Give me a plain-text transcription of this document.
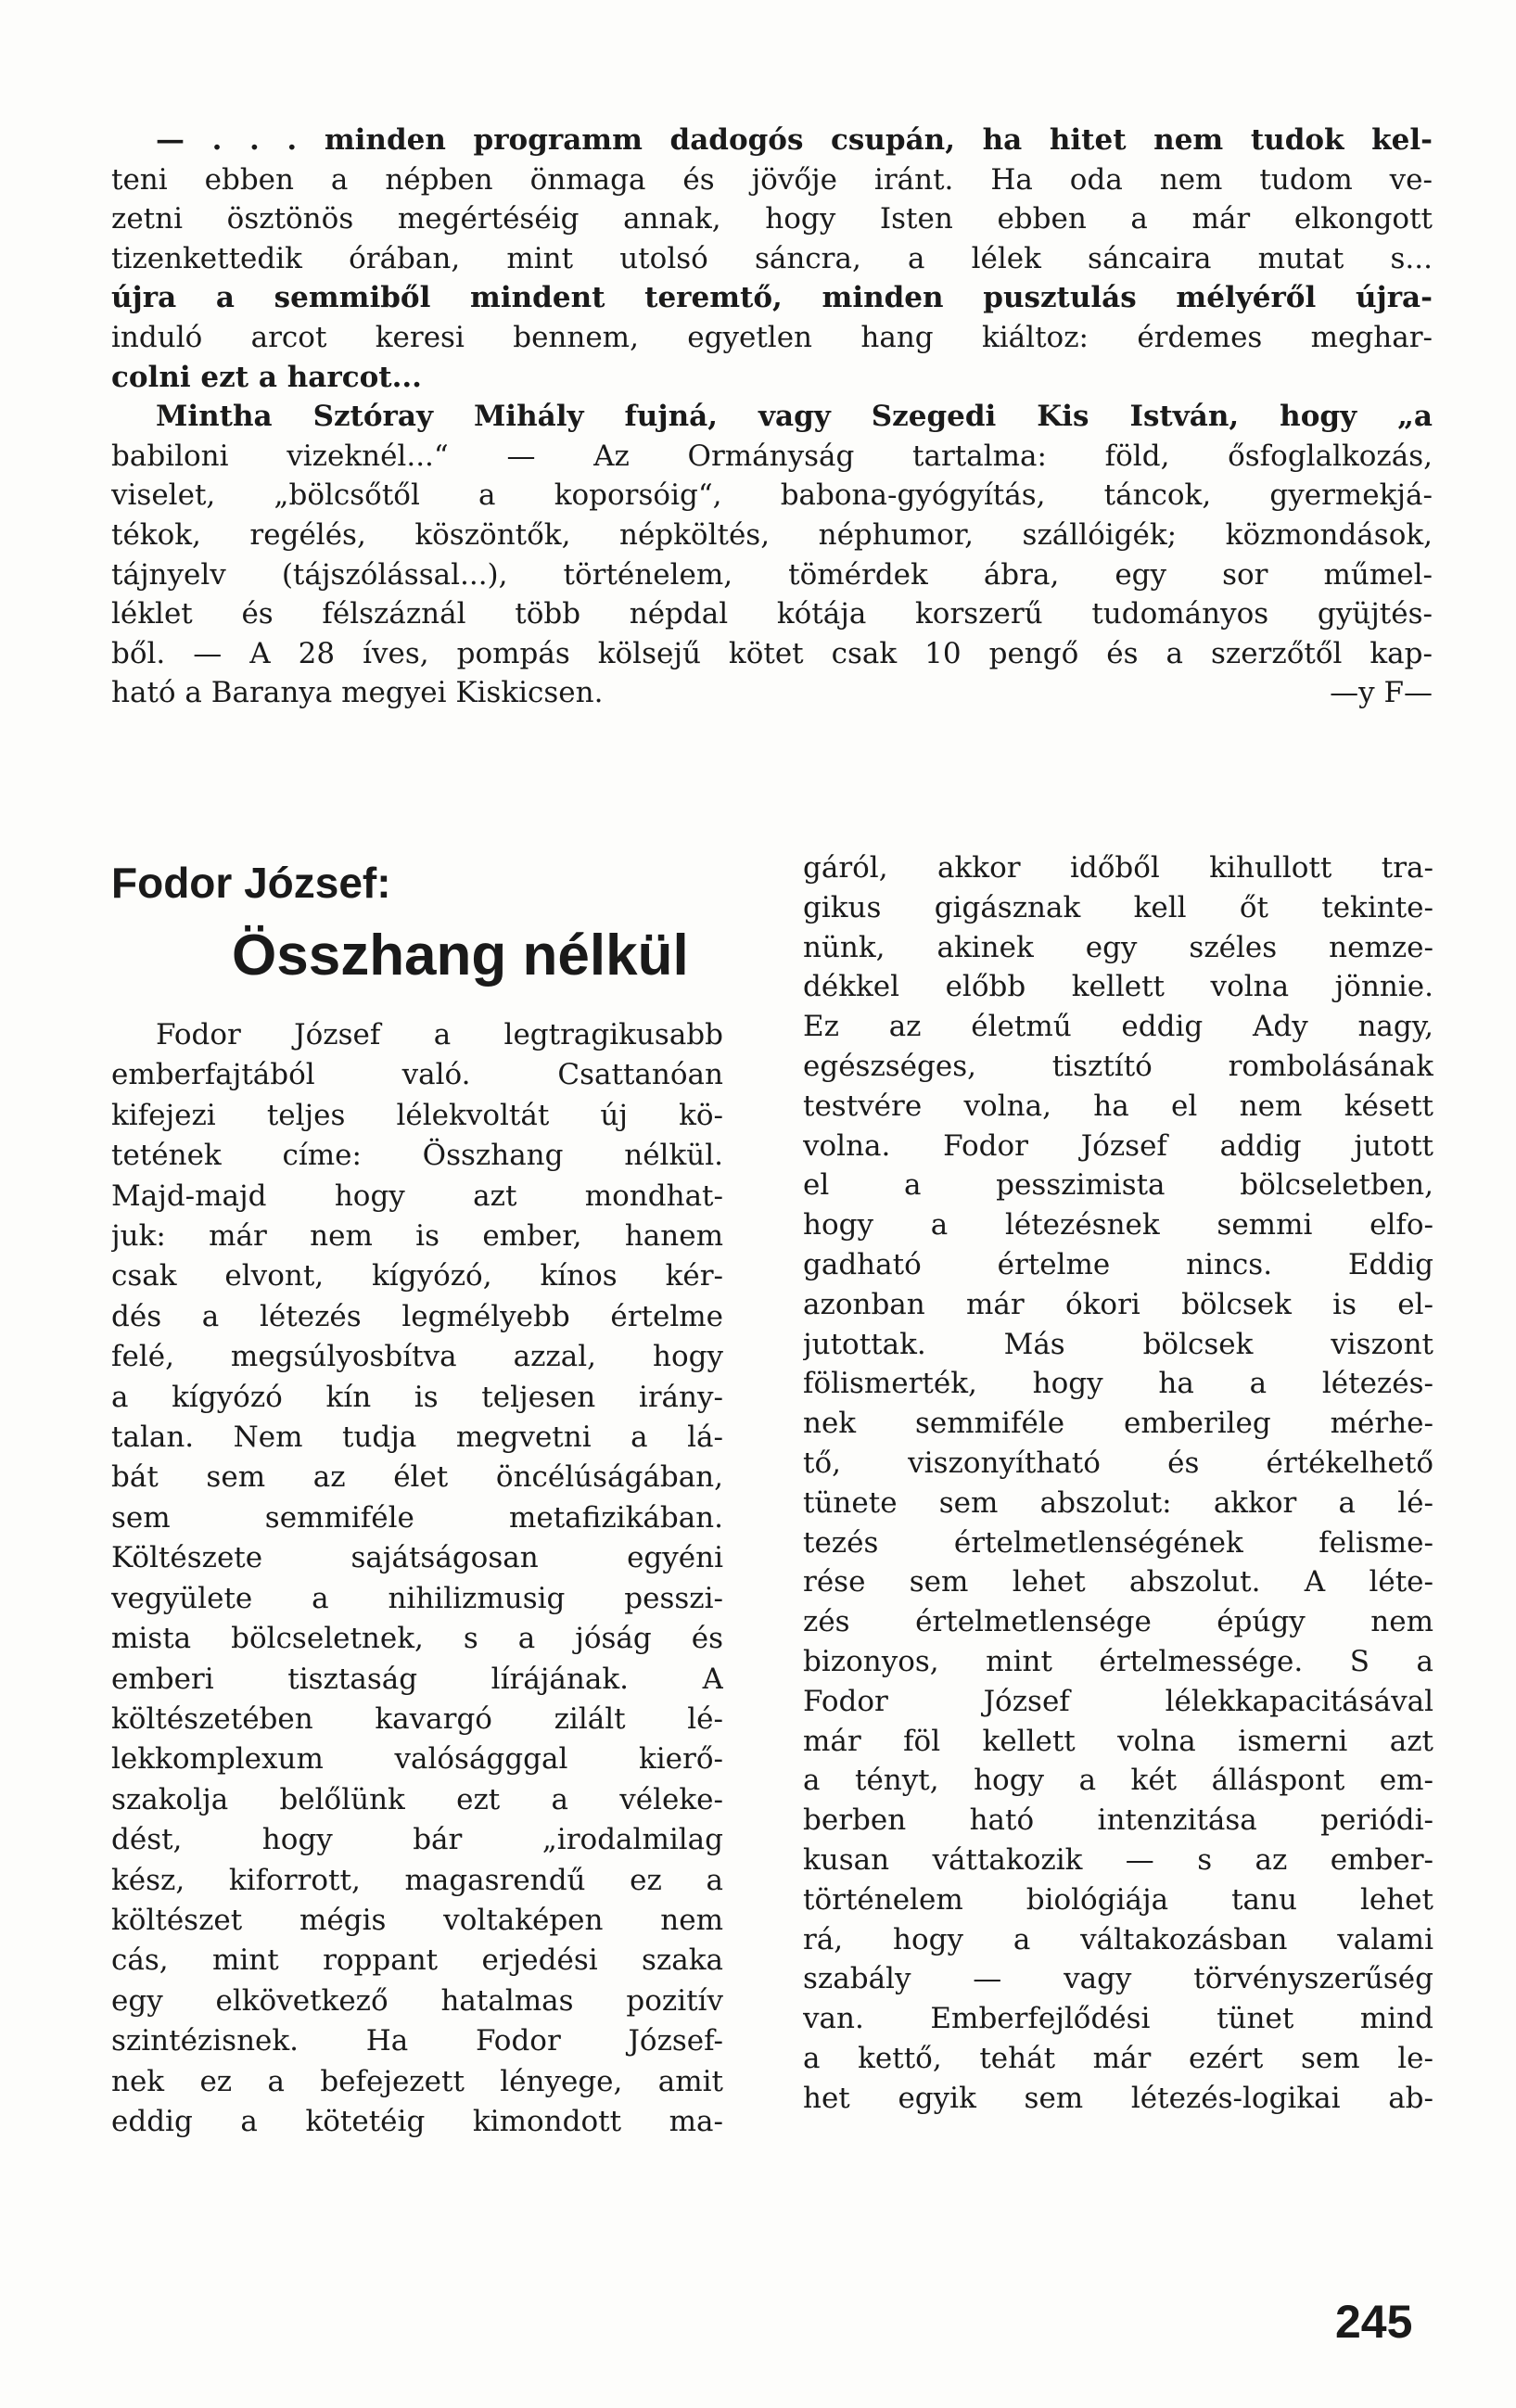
— . . . minden programm dadogós csupán, ha hitet nem tudok kel-
teni ebben a népben önmaga és jövője iránt. Ha oda nem tudom ve-
zetni ösztönös megértéséig annak, hogy Isten ebben a már elkongott
tizenkettedik órában, mint utolsó sáncra, a lélek sáncaira mutat s...
újra a semmiből mindent teremtő, minden pusztulás mélyéről újra-
induló arcot keresi bennem, egyetlen hang kiáltoz: érdemes meghar-
colni ezt a harcot...
Mintha Sztóray Mihály fujná, vagy Szegedi Kis István, hogy „a
babiloni vizeknél...“ — Az Ormányság tartalma: föld, ősfoglalkozás,
viselet, „bölcsőtől a koporsóig“, babona-gyógyítás, táncok, gyermekjá-
tékok, regélés, köszöntők, népköltés, néphumor, szállóigék; közmondások,
tájnyelv (tájszólással...), történelem, tömérdek ábra, egy sor műmel-
léklet és félszáznál több népdal kótája korszerű tudományos gyüjtés-
ből. — A 28 íves, pompás kölsejű kötet csak 10 pengő és a szerzőtől kap-
ható a Baranya megyei Kiskicsen.	—y F—
Fodor József:
Összhang nélkül
Fodor József a legtragikusabb
emberfajtából való. Csattanóan
kifejezi teljes lélekvoltát új kö-
tetének címe: Összhang nélkül.
Majd-majd hogy azt mondhat-
juk: már nem is ember, hanem
csak elvont, kígyózó, kínos kér-
dés a létezés legmélyebb értelme
felé, megsúlyosbítva azzal, hogy
a kígyózó kín is teljesen irány-
talan. Nem tudja megvetni a lá-
bát sem az élet öncélúságában,
sem semmiféle metafizikában.
Költészete sajátságosan egyéni
vegyülete a nihilizmusig pesszi-
mista bölcseletnek, s a jóság és
emberi tisztaság lírájának. A
költészetében kavargó zilált lé-
lekkomplexum valóságggal kierő-
szakolja belőlünk ezt a véleke-
dést, hogy bár „irodalmilag
kész, kiforrott, magasrendű ez a
költészet mégis voltaképen nem
cás, mint roppant erjedési szaka
egy elkövetkező hatalmas pozitív
szintézisnek. Ha Fodor József-
nek ez a befejezett lényege, amit
eddig a kötetéig kimondott ma-
gáról, akkor időből kihullott tra-
gikus gigásznak kell őt tekinte-
nünk, akinek egy széles nemze-
dékkel előbb kellett volna jönnie.
Ez az életmű eddig Ady nagy,
egészséges, tisztító rombolásának
testvére volna, ha el nem késett
volna. Fodor József addig jutott
el a pesszimista bölcseletben,
hogy a létezésnek semmi elfo-
gadható értelme nincs. Eddig
azonban már ókori bölcsek is el-
jutottak. Más bölcsek viszont
fölismerték, hogy ha a létezés-
nek semmiféle emberileg mérhe-
tő, viszonyítható és értékelhető
tünete sem abszolut: akkor a lé-
tezés értelmetlenségének felisme-
rése sem lehet abszolut. A léte-
zés értelmetlensége épúgy nem
bizonyos, mint értelmessége. S a
Fodor József lélekkapacitásával
már föl kellett volna ismerni azt
a tényt, hogy a két álláspont em-
berben ható intenzitása periódi-
kusan váttakozik — s az ember-
történelem biológiája tanu lehet
rá, hogy a váltakozásban valami
szabály — vagy törvényszerűség
van. Emberfejlődési tünet mind
a kettő, tehát már ezért sem le-
het egyik sem létezés-logikai ab-
245
